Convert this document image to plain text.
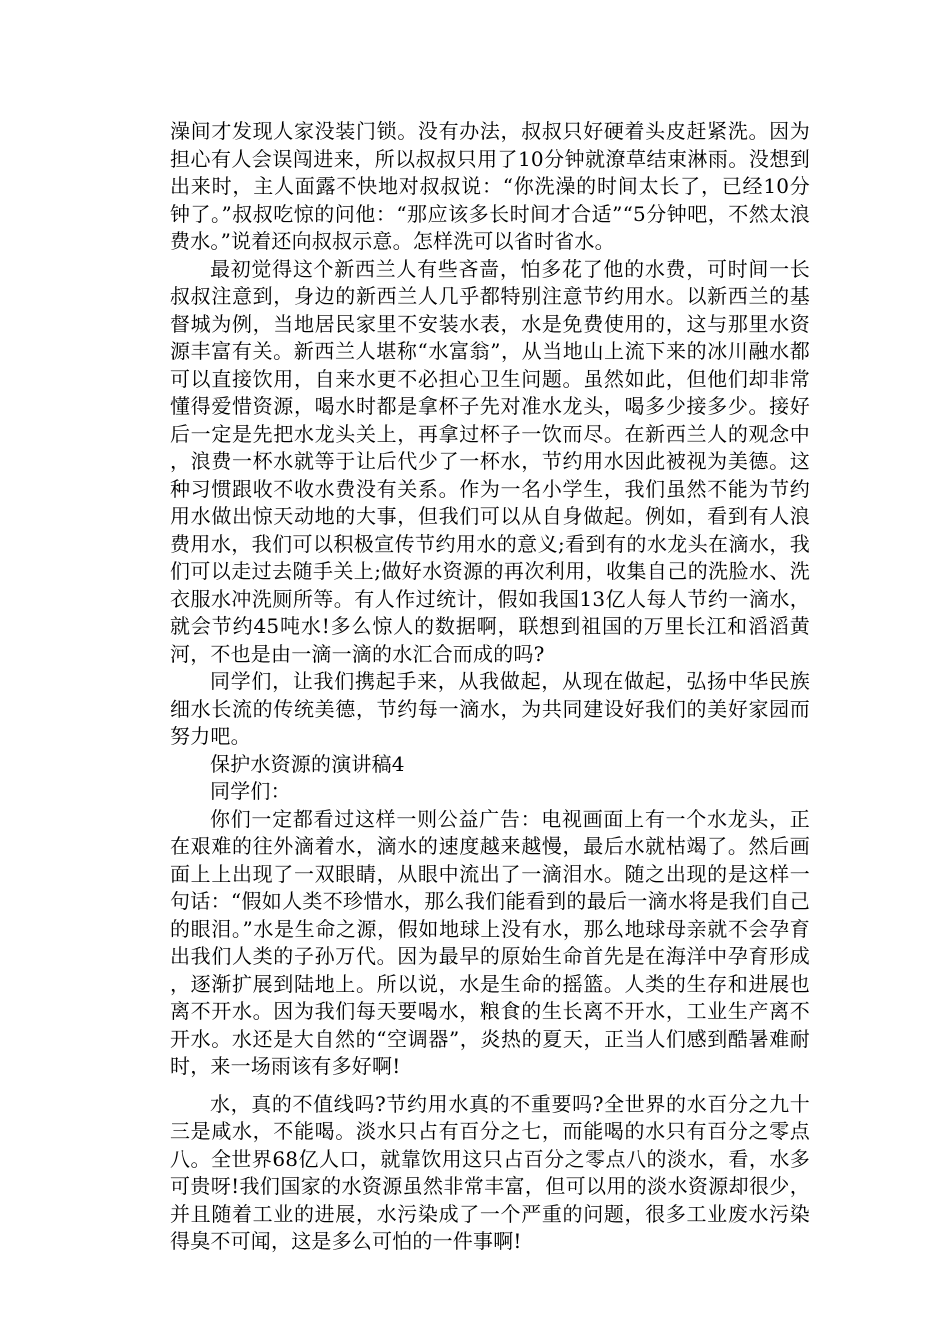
澡间才发现人家没装门锁。没有办法，叔叔只好硬着头皮赶紧洗。因为担心有人会误闯进来，所以叔叔只用了10分钟就潦草结束淋雨。没想到出来时，主人面露不快地对叔叔说：“你洗澡的时间太长了，已经10分钟了。”叔叔吃惊的问他：“那应该多长时间才合适”“5分钟吧，不然太浪费水。”说着还向叔叔示意。怎样洗可以省时省水。

最初觉得这个新西兰人有些吝啬，怕多花了他的水费，可时间一长叔叔注意到，身边的新西兰人几乎都特别注意节约用水。以新西兰的基督城为例，当地居民家里不安装水表，水是免费使用的，这与那里水资源丰富有关。新西兰人堪称“水富翁”，从当地山上流下来的冰川融水都可以直接饮用，自来水更不必担心卫生问题。虽然如此，但他们却非常懂得爱惜资源，喝水时都是拿杯子先对准水龙头，喝多少接多少。接好后一定是先把水龙头关上，再拿过杯子一饮而尽。在新西兰人的观念中，浪费一杯水就等于让后代少了一杯水，节约用水因此被视为美德。这种习惯跟收不收水费没有关系。作为一名小学生，我们虽然不能为节约用水做出惊天动地的大事，但我们可以从自身做起。例如，看到有人浪费用水，我们可以积极宣传节约用水的意义;看到有的水龙头在滴水，我们可以走过去随手关上;做好水资源的再次利用，收集自己的洗脸水、洗衣服水冲洗厕所等。有人作过统计，假如我国13亿人每人节约一滴水，就会节约45吨水!多么惊人的数据啊，联想到祖国的万里长江和滔滔黄河，不也是由一滴一滴的水汇合而成的吗?

同学们，让我们携起手来，从我做起，从现在做起，弘扬中华民族细水长流的传统美德，节约每一滴水，为共同建设好我们的美好家园而努力吧。

保护水资源的演讲稿4

同学们：

你们一定都看过这样一则公益广告：电视画面上有一个水龙头，正在艰难的往外滴着水，滴水的速度越来越慢，最后水就枯竭了。然后画面上上出现了一双眼睛，从眼中流出了一滴泪水。随之出现的是这样一句话：“假如人类不珍惜水，那么我们能看到的最后一滴水将是我们自己的眼泪。”水是生命之源，假如地球上没有水，那么地球母亲就不会孕育出我们人类的子孙万代。因为最早的原始生命首先是在海洋中孕育形成，逐渐扩展到陆地上。所以说，水是生命的摇篮。人类的生存和进展也离不开水。因为我们每天要喝水，粮食的生长离不开水，工业生产离不开水。水还是大自然的“空调器”，炎热的夏天，正当人们感到酷暑难耐时，来一场雨该有多好啊!

水，真的不值线吗?节约用水真的不重要吗?全世界的水百分之九十三是咸水，不能喝。淡水只占有百分之七，而能喝的水只有百分之零点八。全世界68亿人口，就靠饮用这只占百分之零点八的淡水，看，水多可贵呀!我们国家的水资源虽然非常丰富，但可以用的淡水资源却很少，并且随着工业的进展，水污染成了一个严重的问题，很多工业废水污染得臭不可闻，这是多么可怕的一件事啊!
